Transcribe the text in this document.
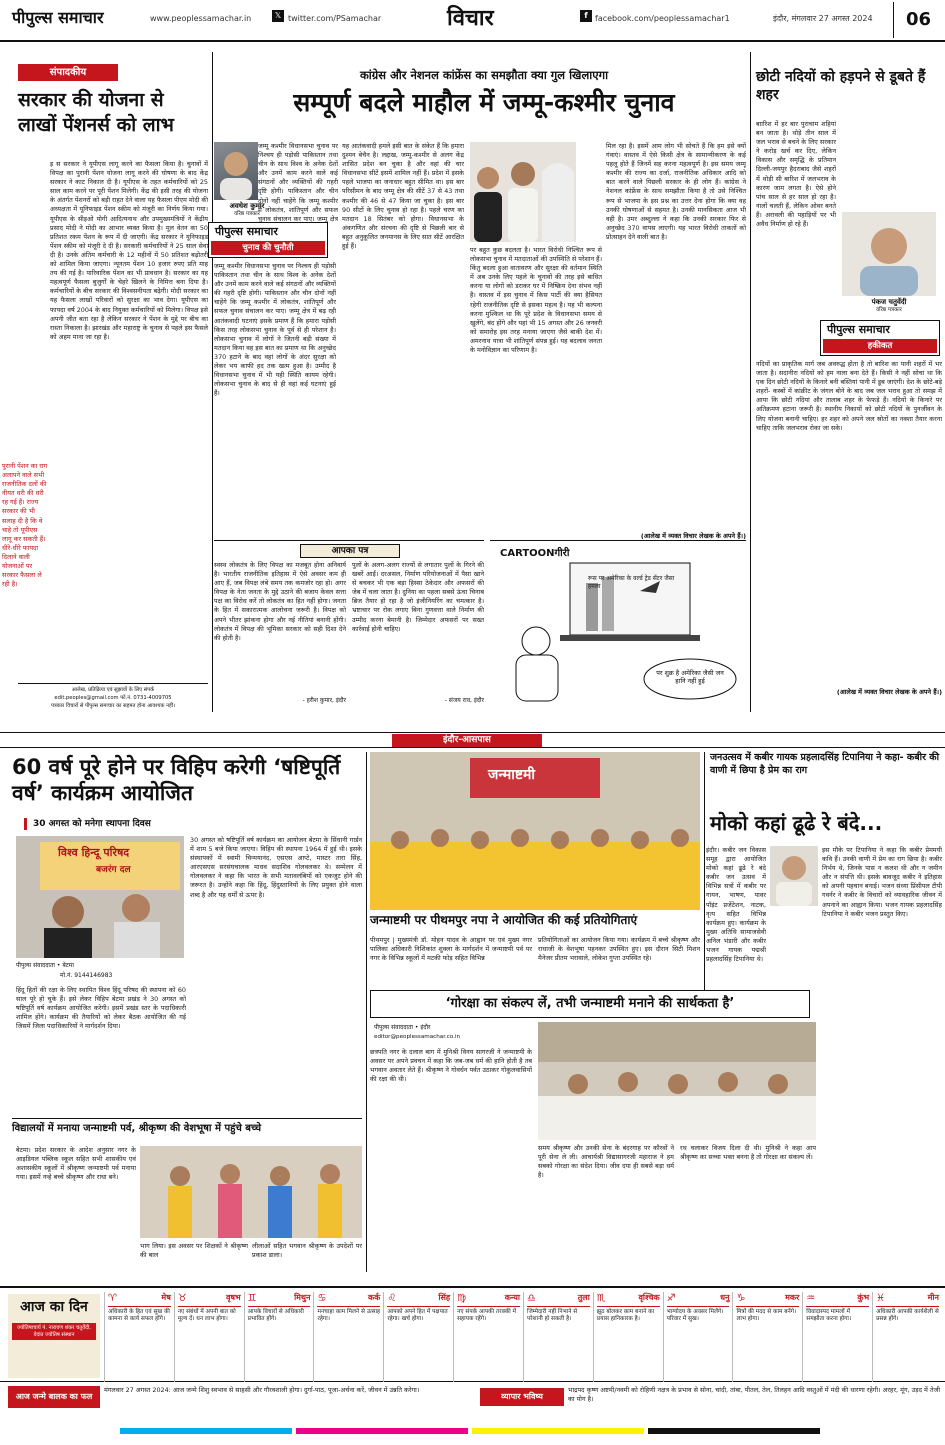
पीपुल्स समाचार	www.peoplessamachar.in	𝕏 twitter.com/PSamachar	विचार	f facebook.com/peoplessamachar1	इंदौर, मंगलवार 27 अगस्त 2024	06
संपादकीय
सरकार की योजना से लाखों पेंशनर्स को लाभ
इ स सरकार ने यूपीएस लागू करने का फैसला किया है। चुनावों में विपक्ष का पुरानी पेंशन योजना लागू करने की घोषणा के बाद केंद्र सरकार ने काट निकाल दी है। यूपीएस के तहत कर्मचारियों को 25 साल काम करने पर पूरी पेंशन मिलेगी। केंद्र की इसी तरह की योजना के अंतर्गत पेंशनरों को बड़ी राहत देने वाला यह फैसला पीएम मोदी की अध्यक्षता में यूनिफाइड पेंशन स्कीम को मंजूरी का निर्णय किया गया। यूपीएस के सीइओ योगी आदित्यनाथ और उपमुख्यमंत्रियों ने केंद्रीय प्रसाद मोदी ने मोदी का आभार व्यक्त किया है। मूल वेतन का 50 प्रतिशत रकम पेंशन के रूप में दी जाएगी। केंद्र सरकार ने यूनिफाइड पेंशन स्कीम को मंजूरी दे दी है। सरकारी कर्मचारियों ने 25 साल सेवा दी है। उनके अंतिम कर्मचारी के 12 महीनों में 50 प्रतिशत बढ़ोतरी को शामिल किया जाएगा। न्यूनतम पेंशन 10 हजार रुपए प्रति माह तय की गई है। पारिवारिक पेंशन का भी प्रावधान है। सरकार का यह महत्वपूर्ण फैसला बुजुर्गों के चेहरे खिलने के निमित्त बना दिया है। कर्मचारियों के बीच सरकार की विश्वसनीयता बढ़ेगी। मोदी सरकार का यह फैसला लाखों परिवारों को सुरक्षा का भाव देगा। यूपीएस का फायदा वर्ष 2004 के बाद नियुक्त कर्मचारियों को मिलेगा। विपक्ष इसे अपनी जीत बता रहा है लेकिन सरकार ने पेंशन के मुद्दे पर बीच का रास्ता निकाला है। झारखंड और महाराष्ट्र के चुनाव से पहले इस फैसले को अहम माना जा रहा है।
पुरानी पेंशन का राग अलापने वाले सभी राजनीतिक दलों की नीयत धरी की धरी रह गई है। राज्य सरकार की भी सलाह दी है कि वे चाहे तो यूपीएस लागू कर सकती हैं। धीरे-धीरे फायदा दिलाने वाली योजनाओं पर सरकार फैसला ले रही है।
आलेख, प्रतिक्रिया एवं सुझावों के लिए संपर्क
edit.peoples@gmail.com फो.नं. 0731-4009705
पत्रकार विचारों से पीपुल्स समाचार का सहमत होना आवश्यक नहीं।
कांग्रेस और नेशनल कांफ्रेंस का समझौता क्या गुल खिलाएगा
सम्पूर्ण बदले माहौल में जम्मू-कश्मीर चुनाव
अवधेश कुमार
वरिष्ठ पत्रकार
जम्मू कश्मीर विधानसभा चुनाव पर निश्चय ही पड़ोसी पाकिस्तान तथा चीन के साथ विश्व के अनेक देशों और उनमें काम करने वाले कई संगठनों और व्यक्तियों की गहरी दृष्टि होगी। पाकिस्तान और चीन दोनों नहीं चाहेंगे कि जम्मू कश्मीर में लोकतंत्र, शांतिपूर्ण और सफल चुनाव संचालन कर पाए। जम्मू क्षेत्र
पीपुल्स समाचार
चुनाव की चुनौती
जम्मू कश्मीर विधानसभा चुनाव पर निश्चय ही पड़ोसी पाकिस्तान तथा चीन के साथ विश्व के अनेक देशों और उनमें काम करने वाले कई संगठनों और व्यक्तियों की गहरी दृष्टि होगी। पाकिस्तान और चीन दोनों नहीं चाहेंगे कि जम्मू कश्मीर में लोकतंत्र, शांतिपूर्ण और सफल चुनाव संचालन कर पाए। जम्मू क्षेत्र में बढ़ रही आतंकवादी घटनाएं इसके प्रमाण हैं कि हमारा पड़ोसी किस तरह लोकसभा चुनाव के पूर्व से ही परेशान है। लोकसभा चुनाव में लोगों ने जितनी बड़ी संख्या में मतदान किया वह इस बात का प्रमाण था कि अनुच्छेद 370 हटाने के बाद वहां लोगों के अंदर सुरक्षा को लेकर भय काफी हद तक खत्म हुआ है। उम्मीद है विधानसभा चुनाव में भी यही स्थिति कायम रहेगी। लोकसभा चुनाव के बाद से ही वहां कई घटनाएं हुई हैं।
यह आतंकवादी हमले इसी बात के संकेत हैं कि हमारा दुश्मन बेचैन है। लद्दाख, जम्मू-कश्मीर से अलग केंद्र शासित प्रदेश बन चुका है और वहां की चार विधानसभा सीटें इसमें शामिल नहीं हैं। प्रदेश में इसके पहले भाजपा का जनाधार बहुत सीमित था। इस बार परिसीमन के बाद जम्मू क्षेत्र की सीटें 37 से 43 तथा कश्मीर की 46 से 47 किया जा चुका है। इस बार 90 सीटों के लिए चुनाव हो रहा है। पहले चरण का मतदान 18 सितंबर को होगा। विधानसभा के अंकगणित और संरचना की दृष्टि से पिछली बार से बहुत अनुकूलित जनमानस के लिए सात सीटें आरक्षित हुई हैं।	पर बहुत कुछ बदलता है। भारत विरोधी निश्चित रूप से लोकसभा चुनाव में मतदाताओं की उपस्थिति से परेशान हैं। किंतु बदला हुआ वातावरण और सुरक्षा की वर्तमान स्थिति में अब उनके लिए पहले के चुनावों की तरह इसे बाधित करना या लोगों को डराकर घर में निष्क्रिय देना संभव नहीं है। वास्तव में इस चुनाव में किस पार्टी की क्या हैसियत रहेगी राजनीतिक दृष्टि से इसका महत्व है। यह भी कल्पना करना मुश्किल था कि पूरे प्रदेश के विधानसभा समय से खुलेंगे, बंद होंगे और यहां भी 15 अगस्त और 26 जनवरी को समारोह इस तरह मनाया जाएगा जैसे बाकी देश में। अमरनाथ यात्रा भी शांतिपूर्ण संपन्न हुई। यह बदलाव जनता के मनोविज्ञान का परिणाम है।
मिल रहा है। इसमें आम लोग भी सोचते हैं कि हम इसे क्यों गंवाएं। वास्तव में ऐसे किसी क्षेत्र के सामान्यीकरण के कई पहलू होते हैं जिनमें सह करना महत्वपूर्ण है। इस समय जम्मू कश्मीर की राज्य का दर्जा, राजनीतिक अधिकार आदि को बात करने वाले पिछली सरकार के ही लोग हैं। कांग्रेस ने नेशनल कांफ्रेंस के साथ समझौता किया है तो उसे निश्चित रूप से भाजपा के इस प्रश्न का उत्तर देना होगा कि क्या वह उनकी घोषणाओं से सहमत है। उनकी मानसिकता आज भी वही है। उमर अब्दुल्ला ने कहा कि उनकी सरकार फिर से अनुच्छेद 370 वापस लाएगी। यह भारत विरोधी ताकतों को प्रोत्साहन देने वाली बात है।
(आलेख में व्यक्त विचार लेखक के अपने हैं।)
आपका पत्र
स्वस्थ लोकतंत्र के लिए विपक्ष का मजबूत होना अनिवार्य है। भारतीय राजनीतिक इतिहास में ऐसे अवसर कम ही आए हैं, जब विपक्ष लंबे समय तक कमजोर रहा हो। अगर विपक्ष के नेता जनता के मुद्दे उठाने की बजाय केवल सत्ता पक्ष का विरोध करें तो लोकतंत्र का हित नहीं होगा। जनता के हित में सकारात्मक आलोचना जरूरी है। विपक्ष को अपने भीतर झांकना होगा और नई नीतियां बनानी होंगी। लोकतंत्र में विपक्ष की भूमिका सरकार को सही दिशा देने की होती है।
- हरीश कुमार, इंदौर
पुलों के अलग-अलग राज्यों से लगातार पुलों के गिरने की खबरें आईं। दरअसल, निर्माण परियोजनाओं में पैसा खाने से बचकर भी एक बड़ा हिस्सा ठेकेदार और अफसरों की जेब में चला जाता है। दुनिया का पहला सबसे ऊंचा चिनाब ब्रिज तैयार हो रहा है जो इंजीनियरिंग का चमत्कार है। भ्रष्टाचार पर रोक लगाए बिना गुणवत्ता वाले निर्माण की उम्मीद करना बेमानी है। जिम्मेदार अफसरों पर सख्त कार्रवाई होनी चाहिए।
- संजय राव, इंदौर
CARTOONगीरी
रूस पर अमेरिका के वर्ल्ड ट्रेड सेंटर जैसा हमला
पर शुक्र है अमेरिका जैसी जन हानि नहीं हुई
छोटी नदियों को हड़पने से डूबते हैं शहर
बाारिश में हर बार पुराचाम शहियां बन जाता है। थोड़े तीन साल में जल भराव से बचने के लिए सरकार ने करोड़ खर्च कर दिए, लेकिन विकास और समृद्धि के प्रतिमान दिल्ली-जयपुर हैदराबाद जैसे शहरों में थोड़ी सी बारिश में जलभराव के कारण जाम लगता है। ऐसे होने पांच साल से हर साल हो रहा है। नालों चलती हैं, लेकिन ओवर बनते हैं। अरावली की पहाड़ियों पर भी अवैध निर्माण हो रहे हैं।
पंकज चतुर्वेदी
वरिष्ठ पत्रकार
पीपुल्स समाचार
हकीकत
नदियों का प्राकृतिक मार्ग जब अवरुद्ध होता है तो बारिश का पानी शहरों में भर जाता है। सदानीरा नदियों को हम नाला बना देते हैं। किसी ने नहीं सोचा था कि एक दिन छोटी नदियों के किनारे बनी बस्तियां पानी में डूब जाएंगी। देश के छोटे-बड़े शहरों- कस्बों में कांक्रीट के जंगल बोने के बाद जब जल भराव हुआ तो समझ में आया कि छोटी नदियां और तालाब शहर के फेफड़े हैं। नदियों के किनारे पर अतिक्रमण हटाना जरूरी है। स्थानीय निकायों को छोटी नदियों के पुनर्जीवन के लिए योजना बनानी चाहिए। हर शहर को अपने जल स्रोतों का नक्शा तैयार करना चाहिए ताकि जलभराव रोका जा सके।
(आलेख में व्यक्त विचार लेखक के अपने हैं।)
इंदौर-आसपास
60 वर्ष पूरे होने पर विहिप करेगी ‘षष्टिपूर्ति वर्ष’ कार्यक्रम आयोजित
30 अगस्त को मनेगा स्थापना दिवस
विश्व हिन्दू परिषद
बजरंग दल
पीपुल्स संवाददाता • बेटमा
मो.नं. 9144146983
हिंदू हितों की रक्षा के लिए स्थापित विश्व हिंदू परिषद की स्थापना को 60 साल पूरे हो चुके हैं। इसे लेकर विहिप बेटमा प्रखंड ने 30 अगस्त को षष्टिपूर्ति वर्ष कार्यक्रम आयोजित करेगी। इसमें प्रखंड स्तर के पदाधिकारी शामिल होंगे। कार्यक्रम की तैयारियों को लेकर बैठक आयोजित की गई जिसमें जिला पदाधिकारियों ने मार्गदर्शन दिया।
30 अगस्त को षष्टिपूर्ति वर्ष कार्यक्रम का आयोजन बेटमा के सिंधानी गार्डन में शाम 5 बजे किया जाएगा। विहिप की स्थापना 1964 में हुई थी। इसके संस्थापकों में स्वामी चिन्मयानंद, एसएस आप्टे, मास्टर तारा सिंह, आरएसएस सरसंघचालक माधव सदाशिव गोलवलकर थे। सम्मेलन में गोलवलकर ने कहा कि भारत के सभी मतावलंबियों को एकजुट होने की जरूरत है। उन्होंने कहा कि हिंदू, हिंदुस्तानियों के लिए प्रयुक्त होने वाला शब्द है और यह धर्मों से ऊपर है।
विद्यालयों में मनाया जन्माष्टमी पर्व, श्रीकृष्ण की वेशभूषा में पहुंचे बच्चे
बेटमा। प्रदेश सरकार के आदेश अनुसार नगर के आइडियल पब्लिक स्कूल सहित सभी शासकीय एवं अशासकीय स्कूलों में श्रीकृष्ण जन्माष्टमी पर्व मनाया गया। इसमें नन्हे बच्चे श्रीकृष्ण और राधा बने।
भाग लिया। इस अवसर पर शिक्षकों ने श्रीकृष्ण की बाल
लीलाओं सहित भगवान श्रीकृष्ण के उपदेशों पर प्रकाश डाला।
जन्माष्टमी
जन्माष्टमी पर पीथमपुर नपा ने आयोजित की कई प्रतियोगिताएं
पीथमपुर | मुख्यमंत्री डॉ. मोहन यादव के आह्वान पर एवं मुख्य नगर पालिका अधिकारी निशिकांत शुक्ला के मार्गदर्शन में जन्माष्टमी पर्व पर नगर के विभिन्न स्कूलों में मटकी फोड़ सहित विभिन्न
प्रतियोगिताओं का आयोजन किया गया। कार्यक्रम में बच्चे श्रीकृष्ण और राधाजी के वेशभूषा पहनकर उपस्थित हुए। इस दौरान सिटी मिशन मैनेजर प्रीतम भरावाले, लोकेश गुप्ता उपस्थित रहे।
जनउत्सव में कबीर गायक प्रहलादसिंह टिपानिया ने कहा- कबीर की वाणी में छिपा है प्रेम का राग
मोको कहां ढूढे रे बंदे...
इंदौर। कबीर जन विकास समूह द्वारा आयोजित मोको कहां ढूढे रे बंदे कबीर जन उत्सव में विभिन्न सत्रों में कबीर पर गायन, भाषण, पावर पॉइंट प्रजेंटेशन, नाटक, नृत्य सहित विभिन्न कार्यक्रम हुए। कार्यक्रम के मुख्य अतिथि सामाजसेवी अनिल भंडारी और कबीर भजन गायक पद्मश्री प्रहलादसिंह टिपानिया थे।
इस मौके पर टिपानिया ने कहा कि कबीर प्रेममयी कवि हैं। उनकी वाणी में प्रेम का राग छिपा है। कबीर निर्भय थे, जिनके पास न कलश थी और न जमीन और न संपत्ति थी। इसके बावजूद कबीर ने इतिहास को अपनी पहचान बनाई। भजन संध्या प्रिंसीपल टीपी गवर्नर ने कबीर के विचारों को व्यावहारिक जीवन में अपनाने का आह्वान किया। भजन गायक प्रहलादसिंह टिपानिया ने कबीर भजन प्रस्तुत किए।
‘गोरक्षा का संकल्प लें, तभी जन्माष्टमी मनाने की सार्थकता है’
पीपुल्स संवाददाता • इंदौर
editor@peoplessamachar.co.in
छत्रपति नगर के दलाल बाग में मुनिश्री विनय सागरजी ने जन्माष्टमी के अवसर पर अपने प्रवचन में कहा कि जब-जब धर्म की हानि होती है तब भगवान अवतार लेते हैं। श्रीकृष्ण ने गोवर्धन पर्वत उठाकर गोकुलवासियों की रक्षा की थी।
समय श्रीकृष्ण और उनकी सेना के बंदरगाह पर कौरवों ने पूरी सेना ले ली। आचार्यश्री विद्यासागरजी महाराज ने हम सबको गोरक्षा का संदेश दिया। जीव दया ही सबसे बड़ा धर्म है।
रथ चलाकर विजय दिला दी थी। मुनिश्री ने कहा आप श्रीकृष्ण का सच्चा भक्त बनना है तो गोरक्षा का संकल्प लें।
आज का दिन
ज्योतिषाचार्य पं. नारायण शंकर चतुर्वेदी, वेदांत ज्योतिष संस्थान
♈	मेष
अधिकारी के हित एवं सुख की कामना से कार्य सफल होंगे।
♉	वृषभ
नए संबंधों में अपनी बात को मूल्य दें। धन लाभ होगा।
♊	मिथुन
आपके विचारों से अधिकारी प्रभावित होंगे।
♋	कर्क
मनचाहा काम मिलने से उत्साह रहेगा।
♌	सिंह
आपको अपने हित में पक्षपात रहेगा। खर्च होगा।
♍	कन्या
नए संपर्क आपकी तरक्की में सहायक रहेंगे।
♎	तुला
जिम्मेदारी नहीं निभाने से परेशानी हो सकती है।
♏	वृश्चिक
झूठ बोलकर काम बनाने का प्रयास हानिकारक है।
♐	धनु
भाग्योदय के अवसर मिलेंगे। परिवार में सुख।
♑	मकर
मित्रों की मदद से काम बनेंगे। लाभ होगा।
♒	कुंभ
विवादास्पद मामलों में समझौता करना होगा।
♓	मीन
अधिकारी आपकी कार्यशैली से प्रसन्न होंगे।
आज जन्मे बालक का फल
मंगलवार 27 अगस्त 2024: आज जन्मे शिशु स्वभाव से साहसी और गौरवशाली होगा। दुर्गा-पाठ, पूजा-अर्चना करें, जीवन में उन्नति करेगा।
व्यापार भविष्य
भाद्रपद कृष्ण अष्टमी/नवमी को रोहिणी नक्षत्र के प्रभाव से सोना, चांदी, तांबा, पीतल, तेल, तिलहन आदि वस्तुओं में मंदी की धारणा रहेगी। अरहर, मूंग, उड़द में तेजी का योग है।
